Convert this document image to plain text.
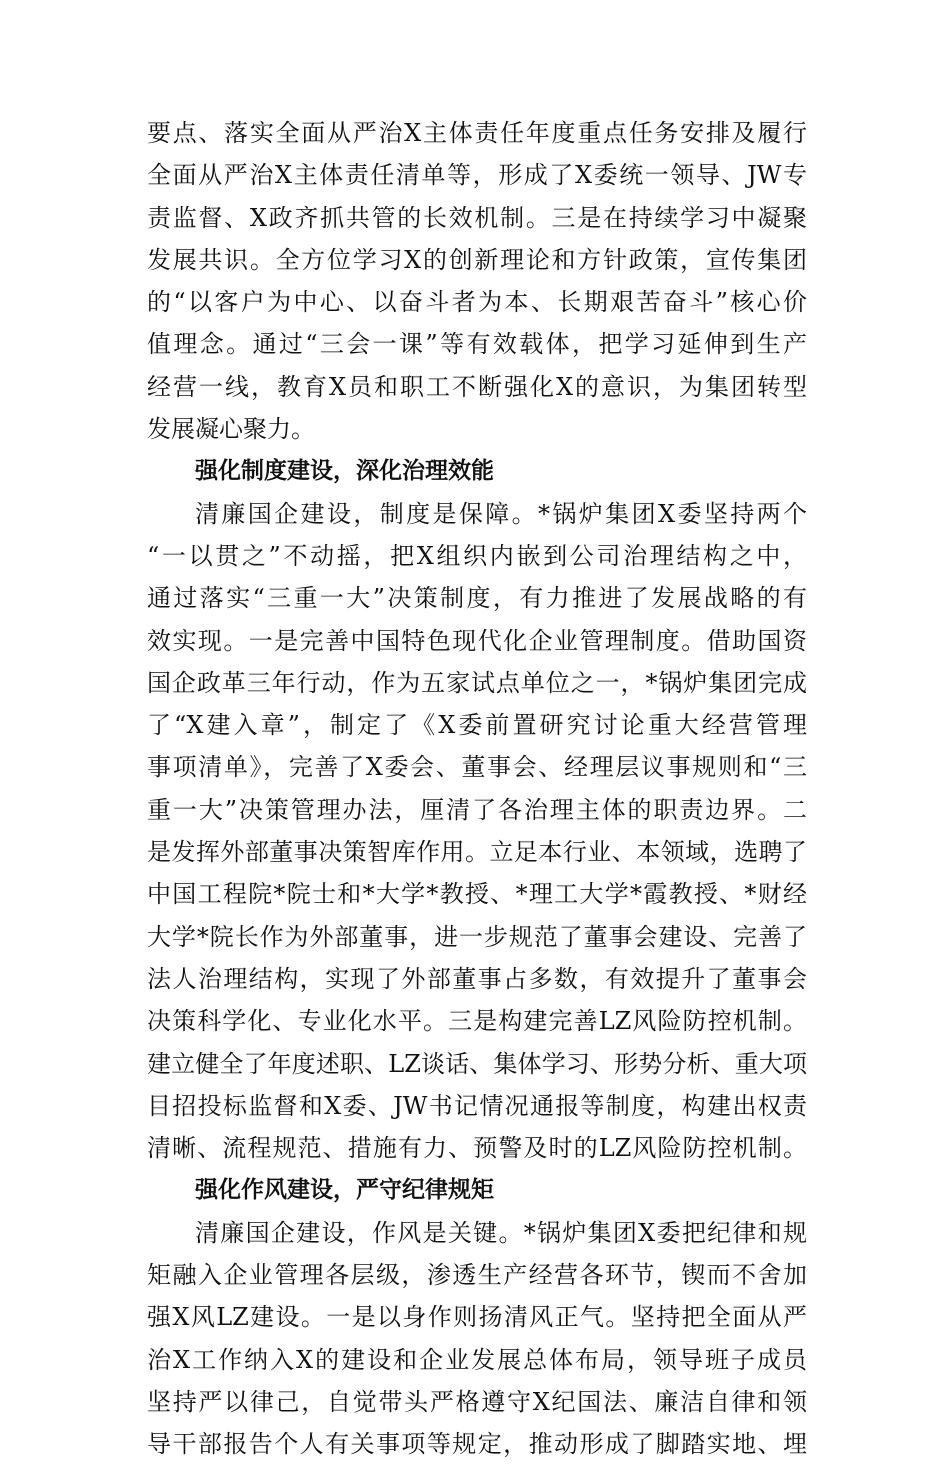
要点、落实全面从严治X主体责任年度重点任务安排及履行
全面从严治X主体责任清单等，形成了X委统一领导、JW专
责监督、X政齐抓共管的长效机制。三是在持续学习中凝聚
发展共识。全方位学习X的创新理论和方针政策，宣传集团
的“以客户为中心、以奋斗者为本、长期艰苦奋斗”核心价
值理念。通过“三会一课”等有效载体，把学习延伸到生产
经营一线，教育X员和职工不断强化X的意识，为集团转型
发展凝心聚力。
强化制度建设，深化治理效能
清廉国企建设，制度是保障。*锅炉集团X委坚持两个
“一以贯之”不动摇，把X组织内嵌到公司治理结构之中，
通过落实“三重一大”决策制度，有力推进了发展战略的有
效实现。一是完善中国特色现代化企业管理制度。借助国资
国企政革三年行动，作为五家试点单位之一，*锅炉集团完成
了“X建入章”，制定了《X委前置研究讨论重大经营管理
事项清单》，完善了X委会、董事会、经理层议事规则和“三
重一大”决策管理办法，厘清了各治理主体的职责边界。二
是发挥外部董事决策智库作用。立足本行业、本领域，选聘了
中国工程院*院士和*大学*教授、*理工大学*霞教授、*财经
大学*院长作为外部董事，进一步规范了董事会建设、完善了
法人治理结构，实现了外部董事占多数，有效提升了董事会
决策科学化、专业化水平。三是构建完善LZ风险防控机制。
建立健全了年度述职、LZ谈话、集体学习、形势分析、重大项
目招投标监督和X委、JW书记情况通报等制度，构建出权责
清晰、流程规范、措施有力、预警及时的LZ风险防控机制。
强化作风建设，严守纪律规矩
清廉国企建设，作风是关键。*锅炉集团X委把纪律和规
矩融入企业管理各层级，渗透生产经营各环节，锲而不舍加
强X风LZ建设。一是以身作则扬清风正气。坚持把全面从严
治X工作纳入X的建设和企业发展总体布局，领导班子成员
坚持严以律己，自觉带头严格遵守X纪国法、廉洁自律和领
导干部报告个人有关事项等规定，推动形成了脚踏实地、埋
